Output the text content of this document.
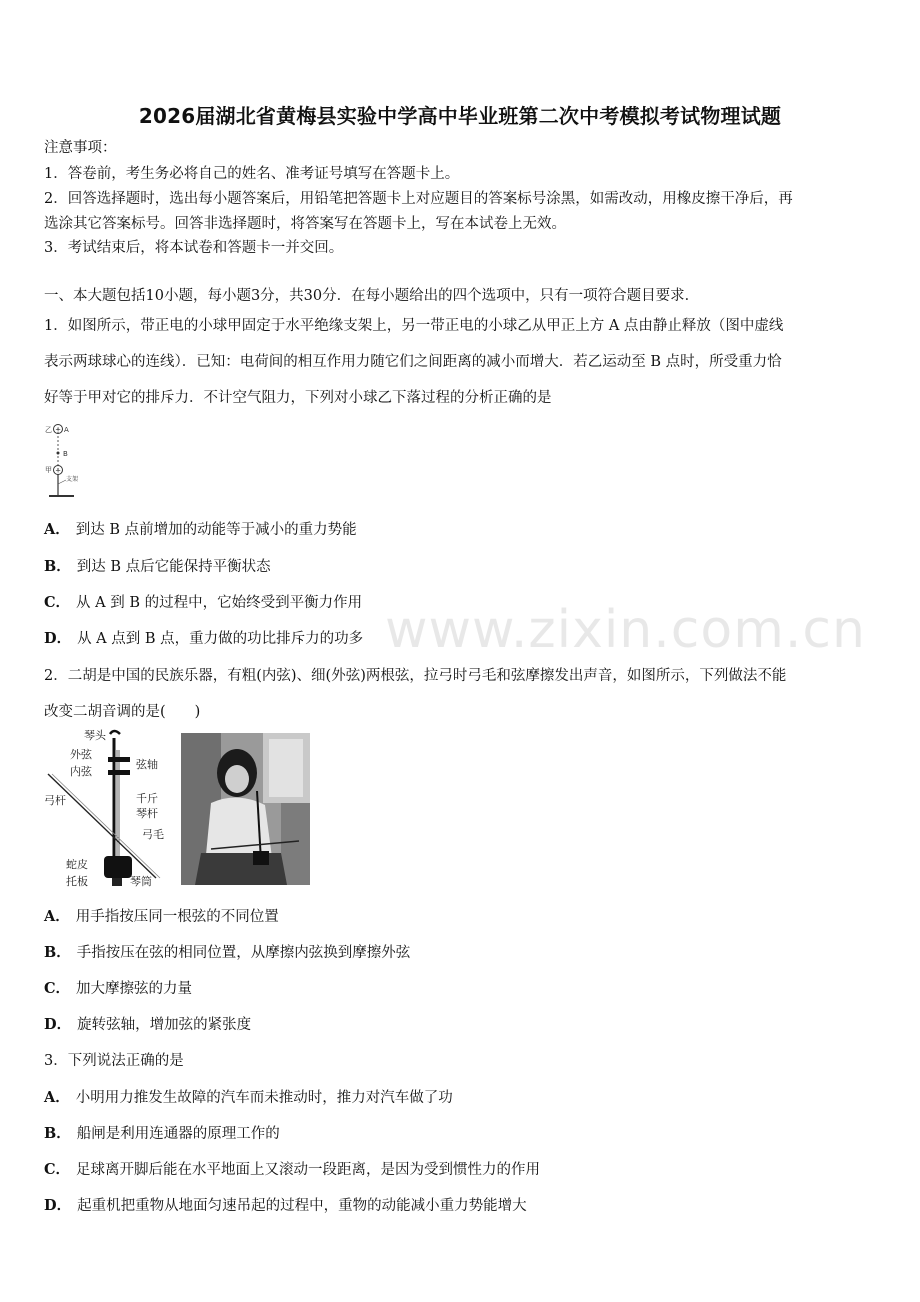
2026届湖北省黄梅县实验中学高中毕业班第二次中考模拟考试物理试题
注意事项：
1．答卷前，考生务必将自己的姓名、准考证号填写在答题卡上。
2．回答选择题时，选出每小题答案后，用铅笔把答题卡上对应题目的答案标号涂黑，如需改动，用橡皮擦干净后，再
选涂其它答案标号。回答非选择题时，将答案写在答题卡上，写在本试卷上无效。
3．考试结束后，将本试卷和答题卡一并交回。
一、本大题包括10小题，每小题3分，共30分．在每小题给出的四个选项中，只有一项符合题目要求．
1．如图所示，带正电的小球甲固定于水平绝缘支架上，另一带正电的小球乙从甲正上方 A 点由静止释放（图中虚线
表示两球球心的连线）．已知：电荷间的相互作用力随它们之间距离的减小而增大．若乙运动至 B 点时，所受重力恰
好等于甲对它的排斥力．不计空气阻力，下列对小球乙下落过程的分析正确的是
+
乙 A
B
+
甲
支架
A． 到达 B 点前增加的动能等于减小的重力势能
B． 到达 B 点后它能保持平衡状态
C． 从 A 到 B 的过程中，它始终受到平衡力作用
D． 从 A 点到 B 点，重力做的功比排斥力的功多
2．二胡是中国的民族乐器，有粗(内弦)、细(外弦)两根弦，拉弓时弓毛和弦摩擦发出声音，如图所示，下列做法不能
改变二胡音调的是(　　)
琴头
外弦
内弦
弦轴
弓杆	千斤
琴杆
弓毛
蛇皮
托板	琴筒
A． 用手指按压同一根弦的不同位置
B． 手指按压在弦的相同位置，从摩擦内弦换到摩擦外弦
C． 加大摩擦弦的力量
D． 旋转弦轴，增加弦的紧张度
3．下列说法正确的是
A． 小明用力推发生故障的汽车而未推动时，推力对汽车做了功
B． 船闸是利用连通器的原理工作的
C． 足球离开脚后能在水平地面上又滚动一段距离，是因为受到惯性力的作用
D． 起重机把重物从地面匀速吊起的过程中，重物的动能减小重力势能增大
www.zixin.com.cn
